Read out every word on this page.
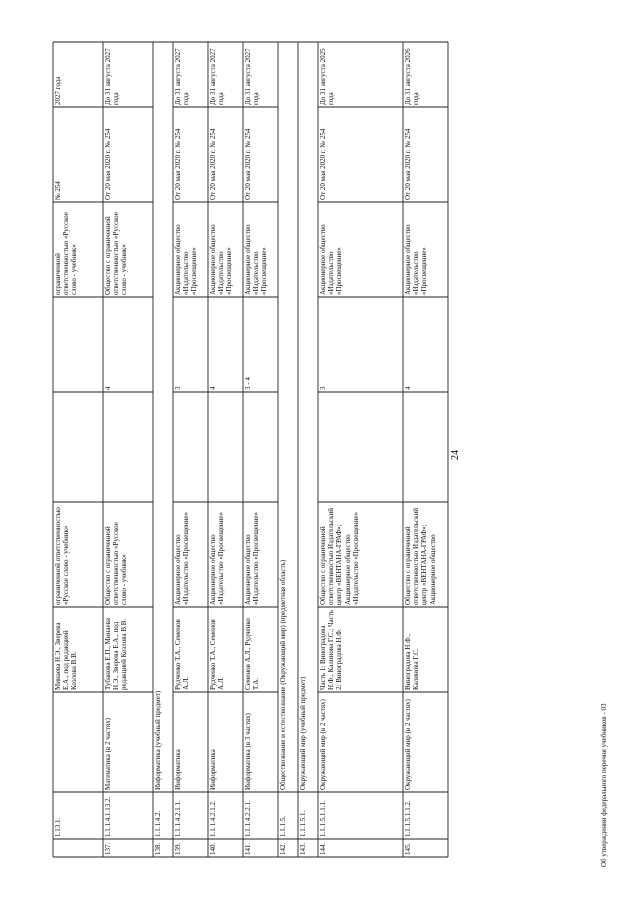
1.13.1.
Минаева Н.Э., Зверева Е.А., под редакцией Козлова В.В.
ограниченной ответственностью «Русское слово - учебник»
ограниченной ответственностью «Русское слово - учебник»
№ 254
2027 года
137.
1.1.1.4.1.13.2.
Математика (в 2 частях)
Тубанова Е.П., Минаева Н.Э., Зверева Е.А., под редакцией Козлова В.В.
Общество с ограниченной ответственностью «Русское слово - учебник»
4
Общество с ограниченной ответственностью «Русское слово - учебник»
От 20 мая 2020 г. № 254
До 31 августа 2027 года
138.
1.1.1.4.2.
Информатика (учебный предмет)
139.
1.1.1.4.2.1.1.
Информатика
Рудченко Т.А., Семенов А.Л.
Акционерное общество «Издательство «Просвещение»
3
Акционерное общество «Издательство «Просвещение»
От 20 мая 2020 г. № 254
До 31 августа 2027 года
140.
1.1.1.4.2.1.2.
Информатика
Рудченко Т.А., Семенов А.Л.
Акционерное общество «Издательство «Просвещение»
4
Акционерное общество «Издательство «Просвещение»
От 20 мая 2020 г. № 254
До 31 августа 2027 года
141.
1.1.1.4.2.2.1.
Информатика (в 3 частях)
Семенов А.Л., Рудченко Т.А.
Акционерное общество «Издательство «Просвещение»
3 - 4
Акционерное общество «Издательство «Просвещение»
От 20 мая 2020 г. № 254
До 31 августа 2027 года
142.
1.1.1.5.
Обществознание и естествознание (Окружающий мир) (предметная область)
143.
1.1.1.5.1.
Окружающий мир (учебный предмет)
144.
1.1.1.5.1.1.1.
Окружающий мир (в 2 частях)
Часть 1: Виноградова Н.Ф., Калинова Г.С.; Часть 2: Виноградова Н.Ф.
Общество с ограниченной ответственностью Издательский центр «ВЕНТАНА-ГРАФ»; Акционерное общество «Издательство «Просвещение»
3
Акционерное общество «Издательство «Просвещение»
От 20 мая 2020 г. № 254
До 31 августа 2025 года
145.
1.1.1.5.1.1.2.
Окружающий мир (в 2 частях)
Виноградова Н.Ф., Калинова Г.С.
Общество с ограниченной ответственностью Издательский центр «ВЕНТАНА-ГРАФ»; Акционерное общество
4
Акционерное общество «Издательство «Просвещение»
От 20 мая 2020 г. № 254
До 31 августа 2026 года
24
Об утверждении федерального перечня учебников - 03
